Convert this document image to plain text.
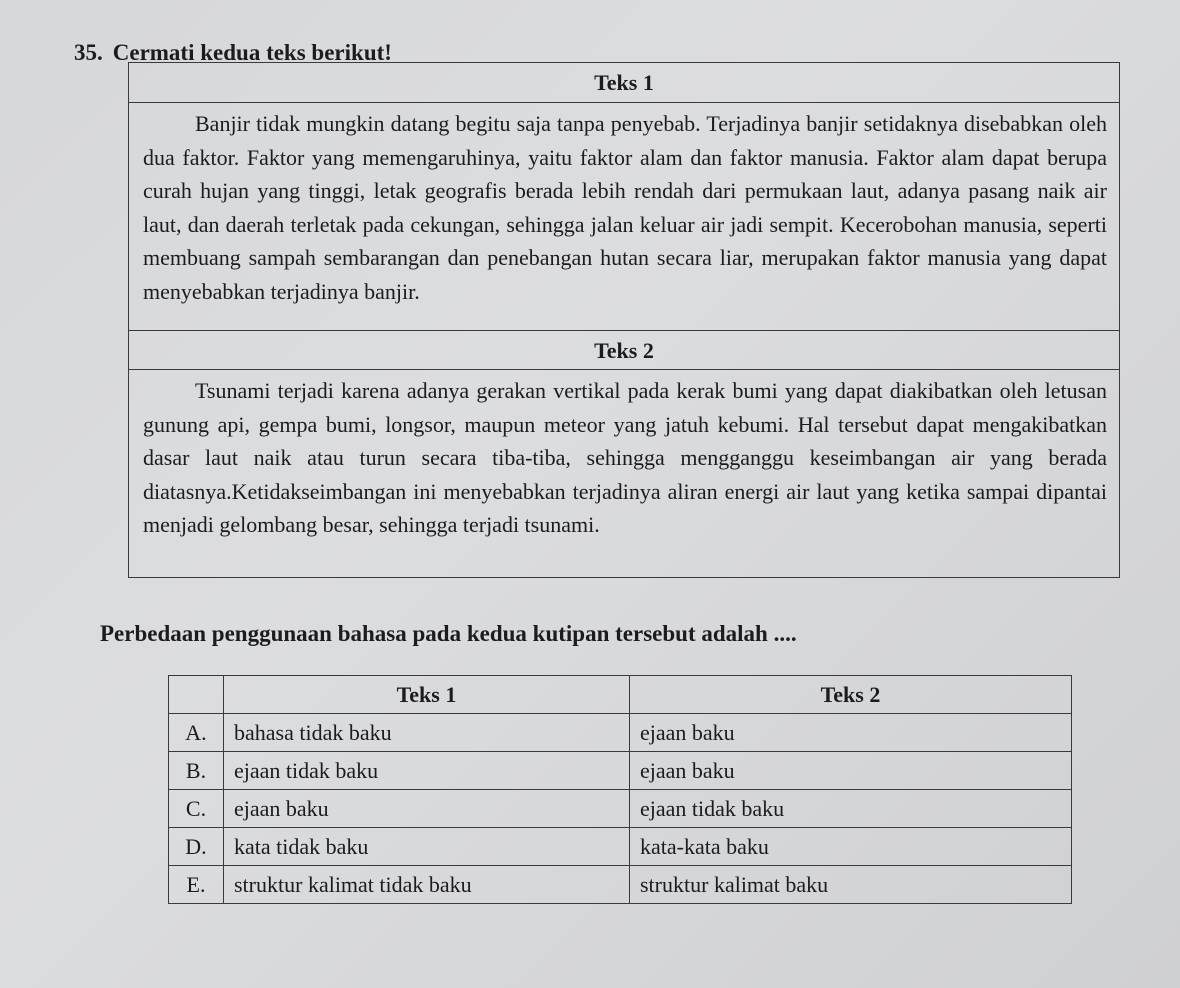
35. Cermati kedua teks berikut!
Teks 1
Banjir tidak mungkin datang begitu saja tanpa penyebab. Terjadinya banjir setidaknya disebabkan oleh dua faktor. Faktor yang memengaruhinya, yaitu faktor alam dan faktor manusia. Faktor alam dapat berupa curah hujan yang tinggi, letak geografis berada lebih rendah dari permukaan laut, adanya pasang naik air laut, dan daerah terletak pada cekungan, sehingga jalan keluar air jadi sempit. Kecerobohan manusia, seperti membuang sampah sembarangan dan penebangan hutan secara liar, merupakan faktor manusia yang dapat menyebabkan terjadinya banjir.
Teks 2
Tsunami terjadi karena adanya gerakan vertikal pada kerak bumi yang dapat diakibatkan oleh letusan gunung api, gempa bumi, longsor, maupun meteor yang jatuh kebumi. Hal tersebut dapat mengakibatkan dasar laut naik atau turun secara tiba-tiba, sehingga mengganggu keseimbangan air yang berada diatasnya.Ketidakseimbangan ini menyebabkan terjadinya aliran energi air laut yang ketika sampai dipantai menjadi gelombang besar, sehingga terjadi tsunami.
Perbedaan penggunaan bahasa pada kedua kutipan tersebut adalah ....
	Teks 1	Teks 2
A.	bahasa tidak baku	ejaan baku
B.	ejaan tidak baku	ejaan baku
C.	ejaan baku	ejaan tidak baku
D.	kata tidak baku	kata-kata baku
E.	struktur kalimat tidak baku	struktur kalimat baku
